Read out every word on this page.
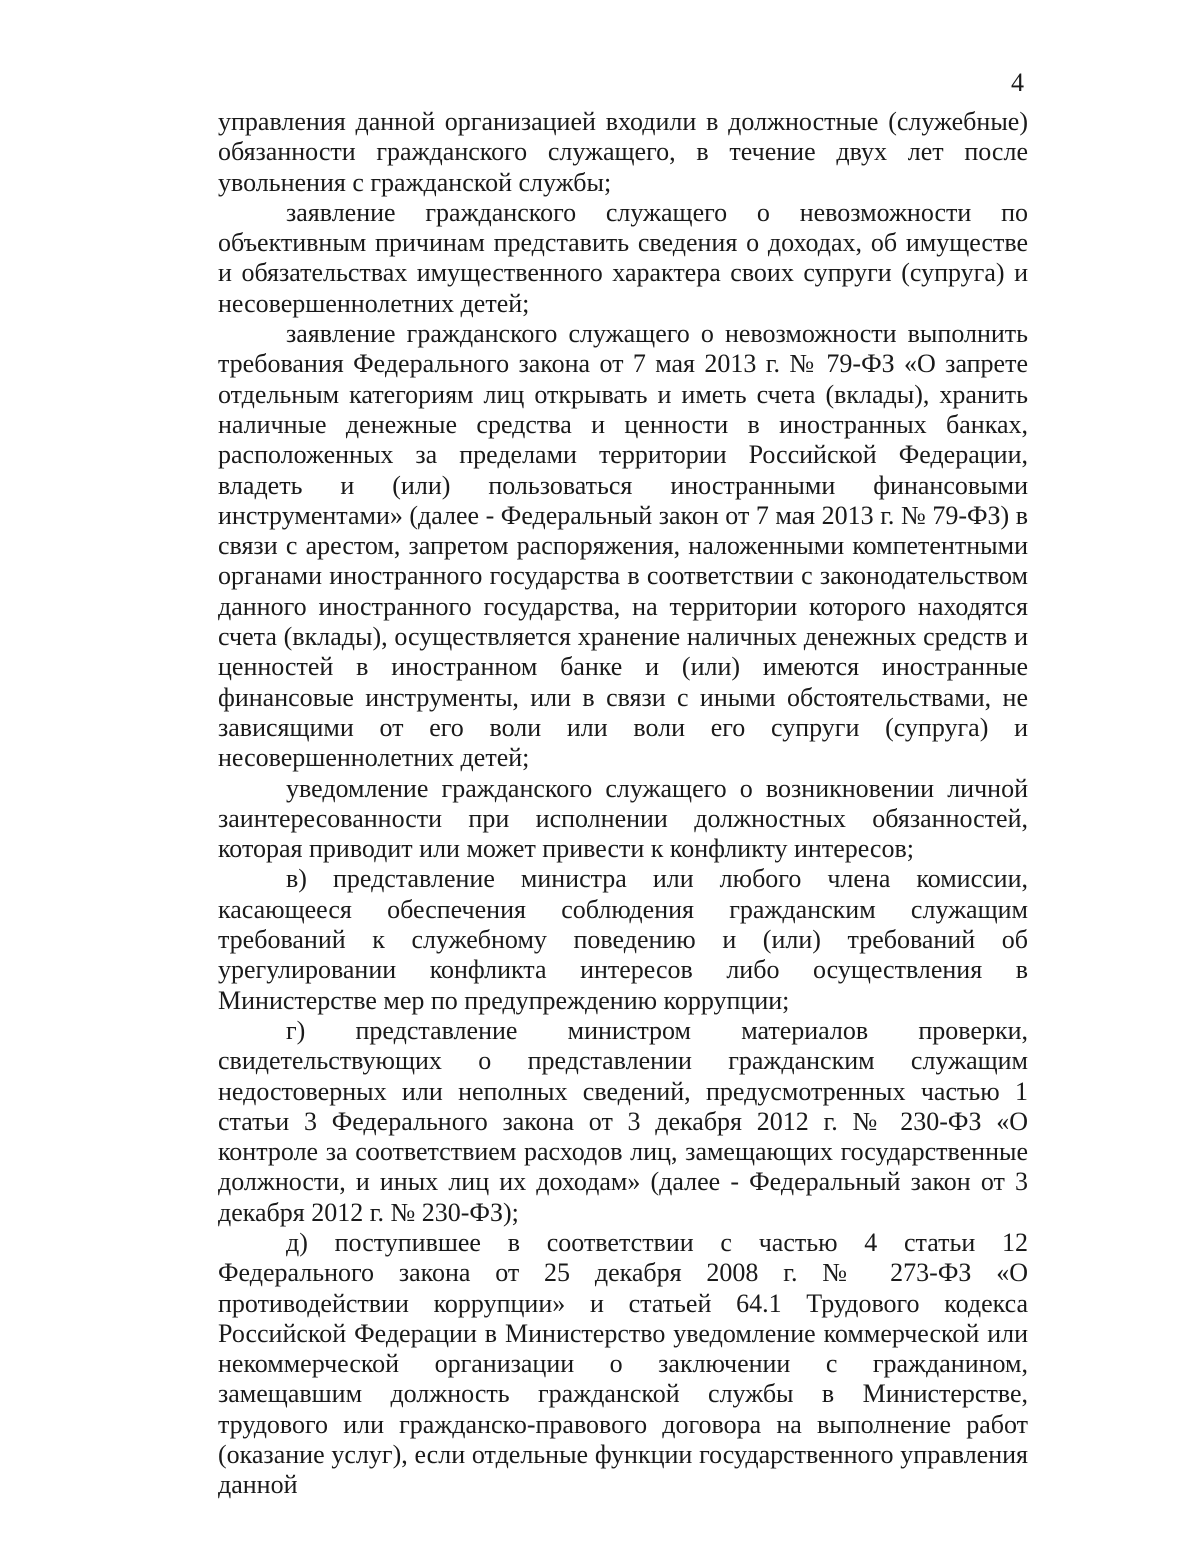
4

управления данной организацией входили в должностные (служебные) обязанности гражданского служащего, в течение двух лет после увольнения с гражданской службы;

заявление гражданского служащего о невозможности по объективным причинам представить сведения о доходах, об имуществе и обязательствах имущественного характера своих супруги (супруга) и несовершеннолетних детей;

заявление гражданского служащего о невозможности выполнить требования Федерального закона от 7 мая 2013 г. № 79-ФЗ «О запрете отдельным категориям лиц открывать и иметь счета (вклады), хранить наличные денежные средства и ценности в иностранных банках, расположенных за пределами территории Российской Федерации, владеть и (или) пользоваться иностранными финансовыми инструментами» (далее - Федеральный закон от 7 мая 2013 г. № 79-ФЗ) в связи с арестом, запретом распоряжения, наложенными компетентными органами иностранного государства в соответствии с законодательством данного иностранного государства, на территории которого находятся счета (вклады), осуществляется хранение наличных денежных средств и ценностей в иностранном банке и (или) имеются иностранные финансовые инструменты, или в связи с иными обстоятельствами, не зависящими от его воли или воли его супруги (супруга) и несовершеннолетних детей;

уведомление гражданского служащего о возникновении личной заинтересованности при исполнении должностных обязанностей, которая приводит или может привести к конфликту интересов;

в) представление министра или любого члена комиссии, касающееся обеспечения соблюдения гражданским служащим требований к служебному поведению и (или) требований об урегулировании конфликта интересов либо осуществления в Министерстве мер по предупреждению коррупции;

г) представление министром материалов проверки, свидетельствующих о представлении гражданским служащим недостоверных или неполных сведений, предусмотренных частью 1 статьи 3 Федерального закона от 3 декабря 2012 г. № 230-ФЗ «О контроле за соответствием расходов лиц, замещающих государственные должности, и иных лиц их доходам» (далее - Федеральный закон от 3 декабря 2012 г. № 230-ФЗ);

д) поступившее в соответствии с частью 4 статьи 12 Федерального закона от 25 декабря 2008 г. № 273-ФЗ «О противодействии коррупции» и статьей 64.1 Трудового кодекса Российской Федерации в Министерство уведомление коммерческой или некоммерческой организации о заключении с гражданином, замещавшим должность гражданской службы в Министерстве, трудового или гражданско-правового договора на выполнение работ (оказание услуг), если отдельные функции государственного управления данной
